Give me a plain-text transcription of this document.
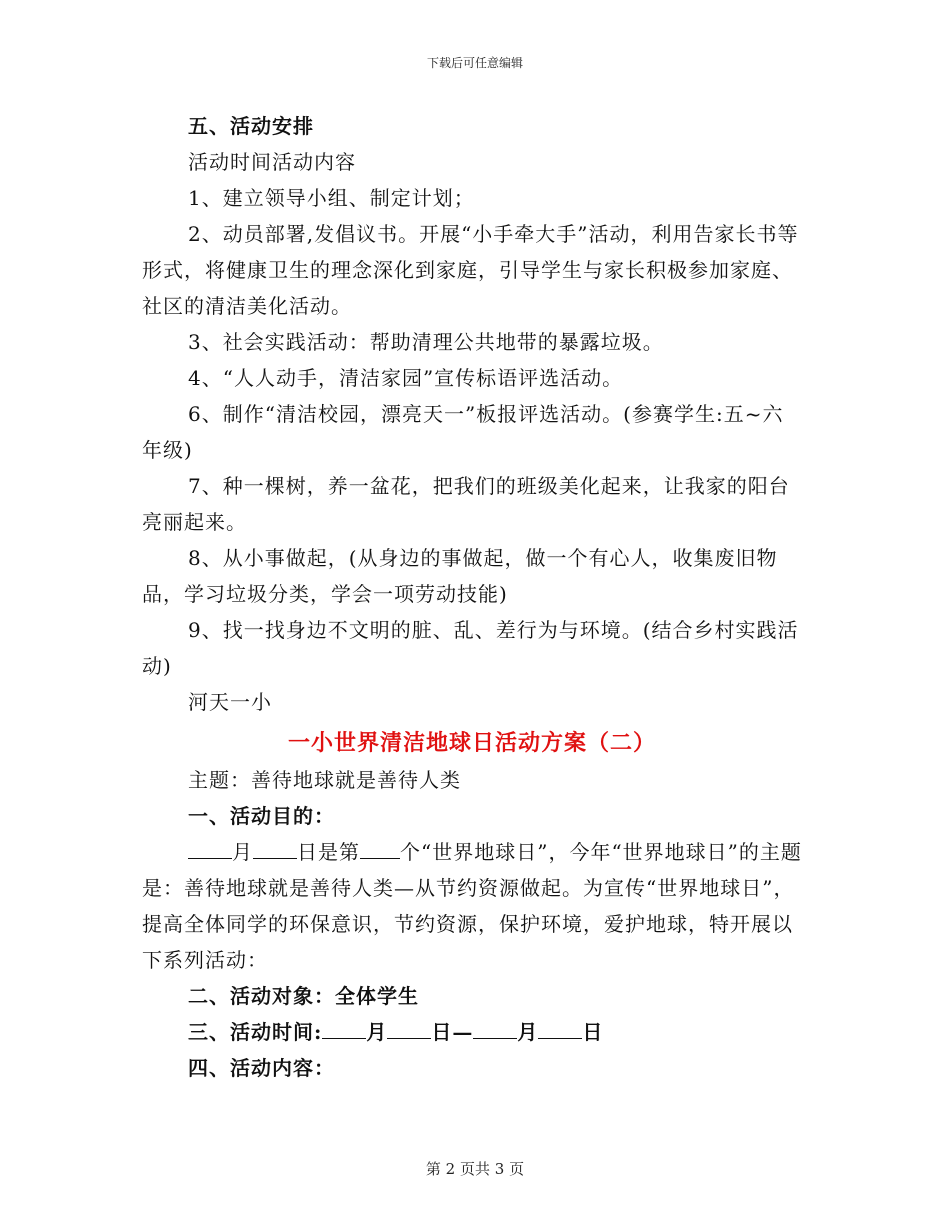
下载后可任意编辑

五、活动安排

活动时间活动内容

1、建立领导小组、制定计划；

2、动员部署,发倡议书。开展“小手牵大手”活动，利用告家长书等形式，将健康卫生的理念深化到家庭，引导学生与家长积极参加家庭、社区的清洁美化活动。

3、社会实践活动：帮助清理公共地带的暴露垃圾。

4、“人人动手，清洁家园”宣传标语评选活动。

6、制作“清洁校园，漂亮天一”板报评选活动。(参赛学生:五~六年级)

7、种一棵树，养一盆花，把我们的班级美化起来，让我家的阳台亮丽起来。

8、从小事做起，(从身边的事做起，做一个有心人，收集废旧物品，学习垃圾分类，学会一项劳动技能)

9、找一找身边不文明的脏、乱、差行为与环境。(结合乡村实践活动)

河天一小

一小世界清洁地球日活动方案（二）

主题：善待地球就是善待人类

一、活动目的：

月 日是第 个“世界地球日”，今年“世界地球日”的主题是：善待地球就是善待人类—从节约资源做起。为宣传“世界地球日”，提高全体同学的环保意识，节约资源，保护环境，爱护地球，特开展以下系列活动：

二、活动对象：全体学生

三、活动时间: 月 日— 月 日

四、活动内容：

第 2 页共 3 页
